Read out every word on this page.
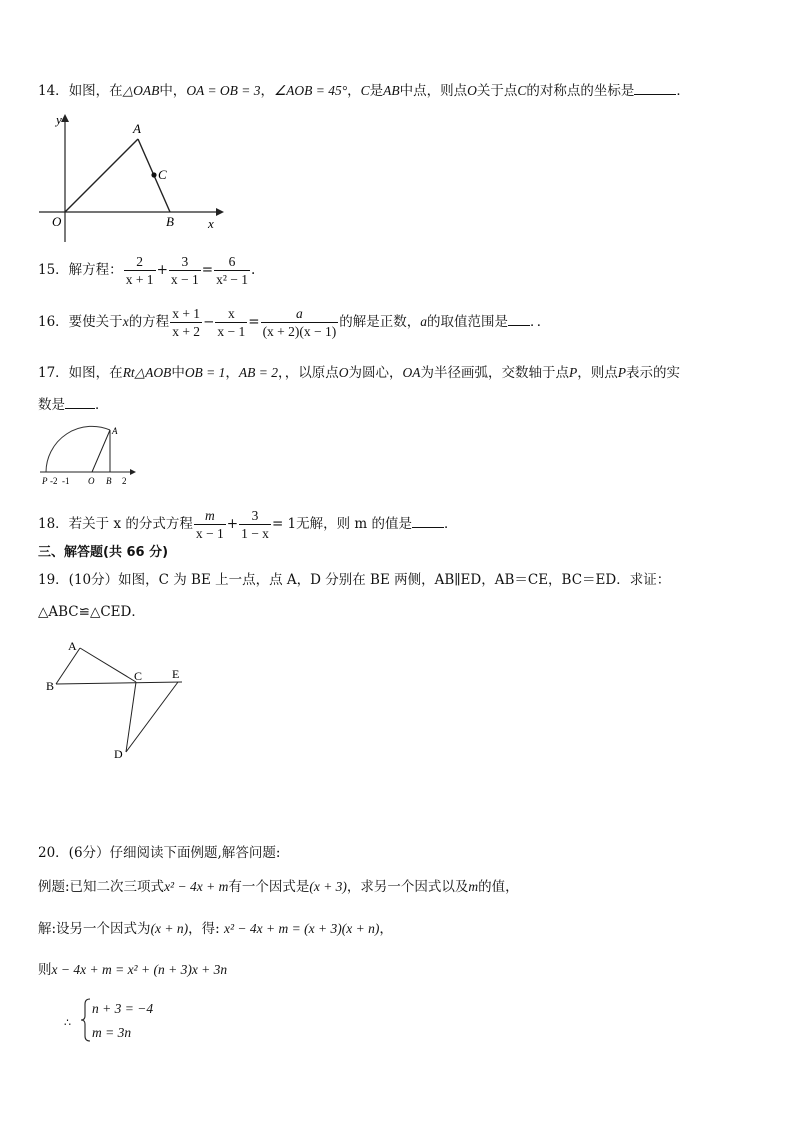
14．如图，在△OAB中，OA = OB = 3，∠AOB = 45°，C是AB中点，则点O关于点C的对称点的坐标是	．
y
x
O
A
B
C
15．解方程： $\frac{2}{x + 1} + \frac{3}{x - 1} = \frac{6}{\text{x² − 1}}$ .
16．要使关于x的方程 $\frac{x + 1}{x + 2} - \frac{x}{x - 1} = \frac{a}{(x + 2)(x - 1)}$ 的解是正数，a的取值范围是 ．．
17．如图，在Rt△AOB中OB = 1，AB = 2，，以原点O为圆心，OA为半径画弧，交数轴于点P，则点P表示的实
数是 ．
A
P -2 -1 O B 2
18．若关于 x 的分式方程 $\frac{m}{x - 1} + \frac{3}{1 - x} = 1$无解，则 m 的值是 ．
三、解答题(共 66 分)
19．(10分）如图，C 为 BE 上一点，点 A，D 分别在 BE 两侧，AB∥ED，AB＝CE，BC＝ED．求证：
△ABC≌△CED．
A
B
C E
D
20．(6分）仔细阅读下面例题,解答问题:
例题:已知二次三项式x² − 4x + m有一个因式是(x + 3)，求另一个因式以及m的值，
解:设另一个因式为(x + n)，得: x² − 4x + m = (x + 3)(x + n)，
则x − 4x + m = x² + (n + 3)x + 3n
∴
n + 3 = −4
m = 3n
